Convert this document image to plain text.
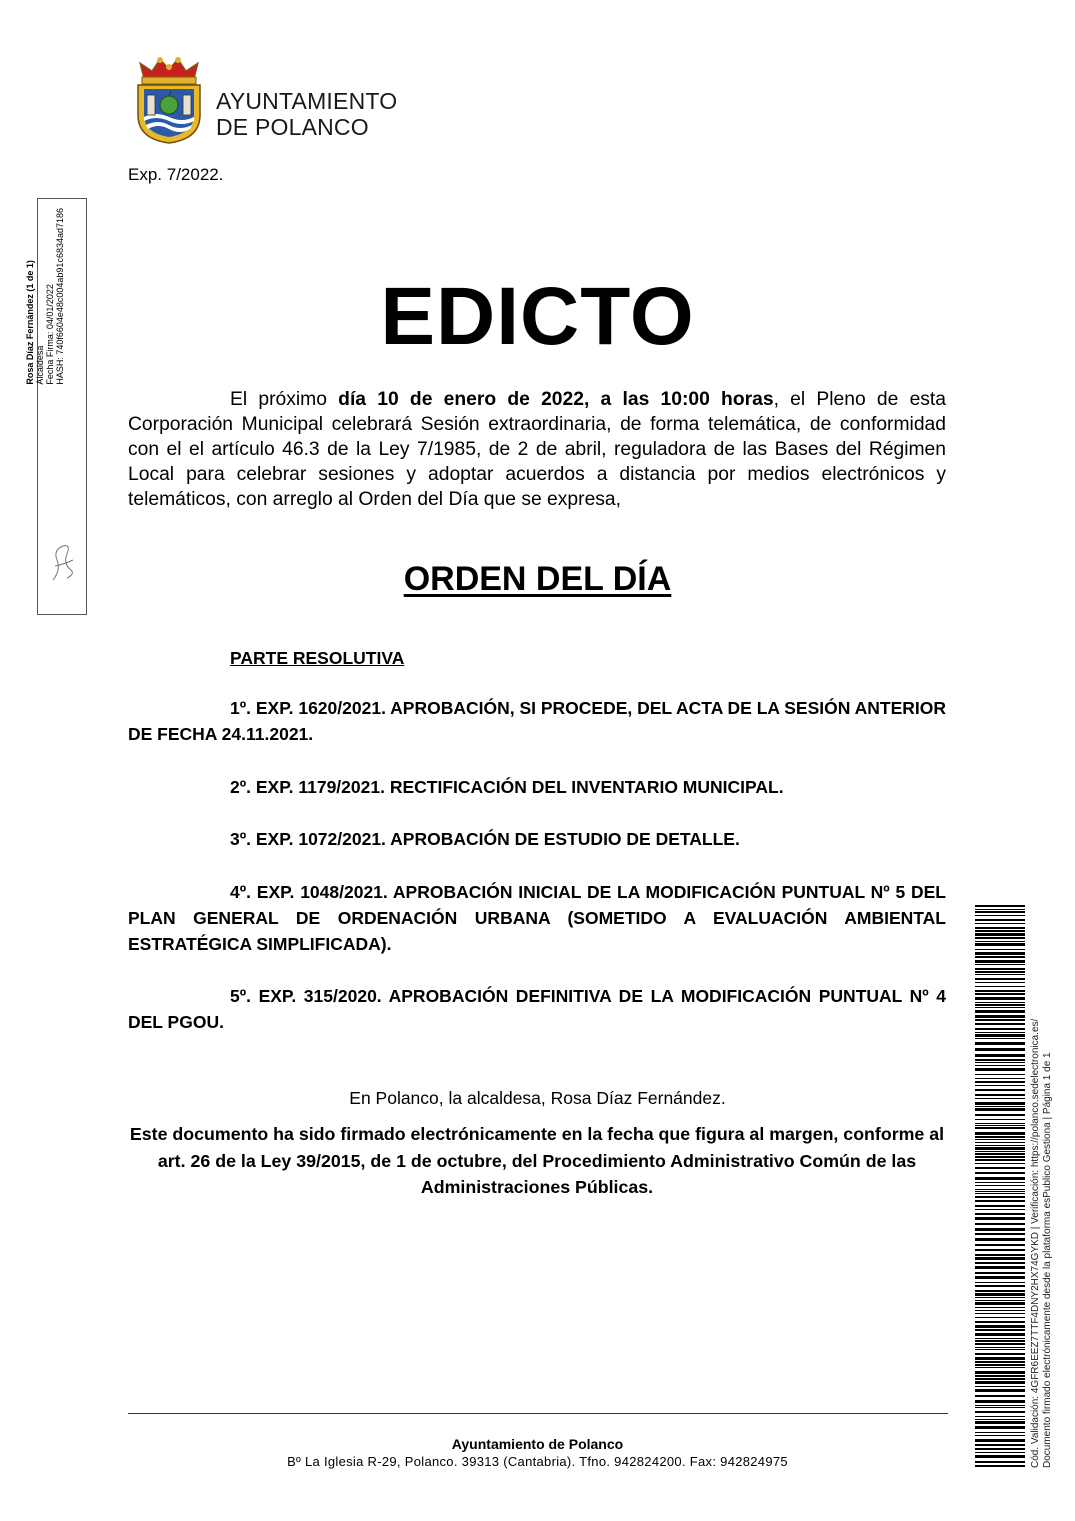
AYUNTAMIENTO
DE POLANCO
Exp. 7/2022.
Rosa Díaz Fernández (1 de 1) Alcaldesa Fecha Firma: 04/01/2022 HASH: 740f6604e48c004ab91c6834ad7186	EDICTO
El próximo día 10 de enero de 2022, a las 10:00 horas, el Pleno de esta Corporación Municipal celebrará Sesión extraordinaria, de forma telemática, de conformidad con el el artículo 46.3 de la Ley 7/1985, de 2 de abril, reguladora de las Bases del Régimen Local para celebrar sesiones y adoptar acuerdos a distancia por medios electrónicos y telemáticos, con arreglo al Orden del Día que se expresa,
ORDEN DEL DÍA
PARTE RESOLUTIVA
1º. EXP. 1620/2021. APROBACIÓN, SI PROCEDE, DEL ACTA DE LA SESIÓN ANTERIOR DE FECHA 24.11.2021.
2º. EXP. 1179/2021. RECTIFICACIÓN DEL INVENTARIO MUNICIPAL.
3º. EXP. 1072/2021. APROBACIÓN DE ESTUDIO DE DETALLE.
4º. EXP. 1048/2021. APROBACIÓN INICIAL DE LA MODIFICACIÓN PUNTUAL Nº 5 DEL PLAN GENERAL DE ORDENACIÓN URBANA (SOMETIDO A EVALUACIÓN AMBIENTAL ESTRATÉGICA SIMPLIFICADA).
5º. EXP. 315/2020. APROBACIÓN DEFINITIVA DE LA MODIFICACIÓN PUNTUAL Nº 4 DEL PGOU.
En Polanco, la alcaldesa, Rosa Díaz Fernández.
Este documento ha sido firmado electrónicamente en la fecha que figura al margen, conforme al art. 26 de la Ley 39/2015, de 1 de octubre, del Procedimiento Administrativo Común de las Administraciones Públicas.
Ayuntamiento de Polanco
Bº La Iglesia R-29, Polanco. 39313 (Cantabria). Tfno. 942824200. Fax: 942824975	Cód. Validación: 4GFR6EEZ7TTF4DNY2HX74GYKD | Verificación: https://polanco.sedelectronica.es/ Documento firmado electrónicamente desde la plataforma esPublico Gestiona | Página 1 de 1
